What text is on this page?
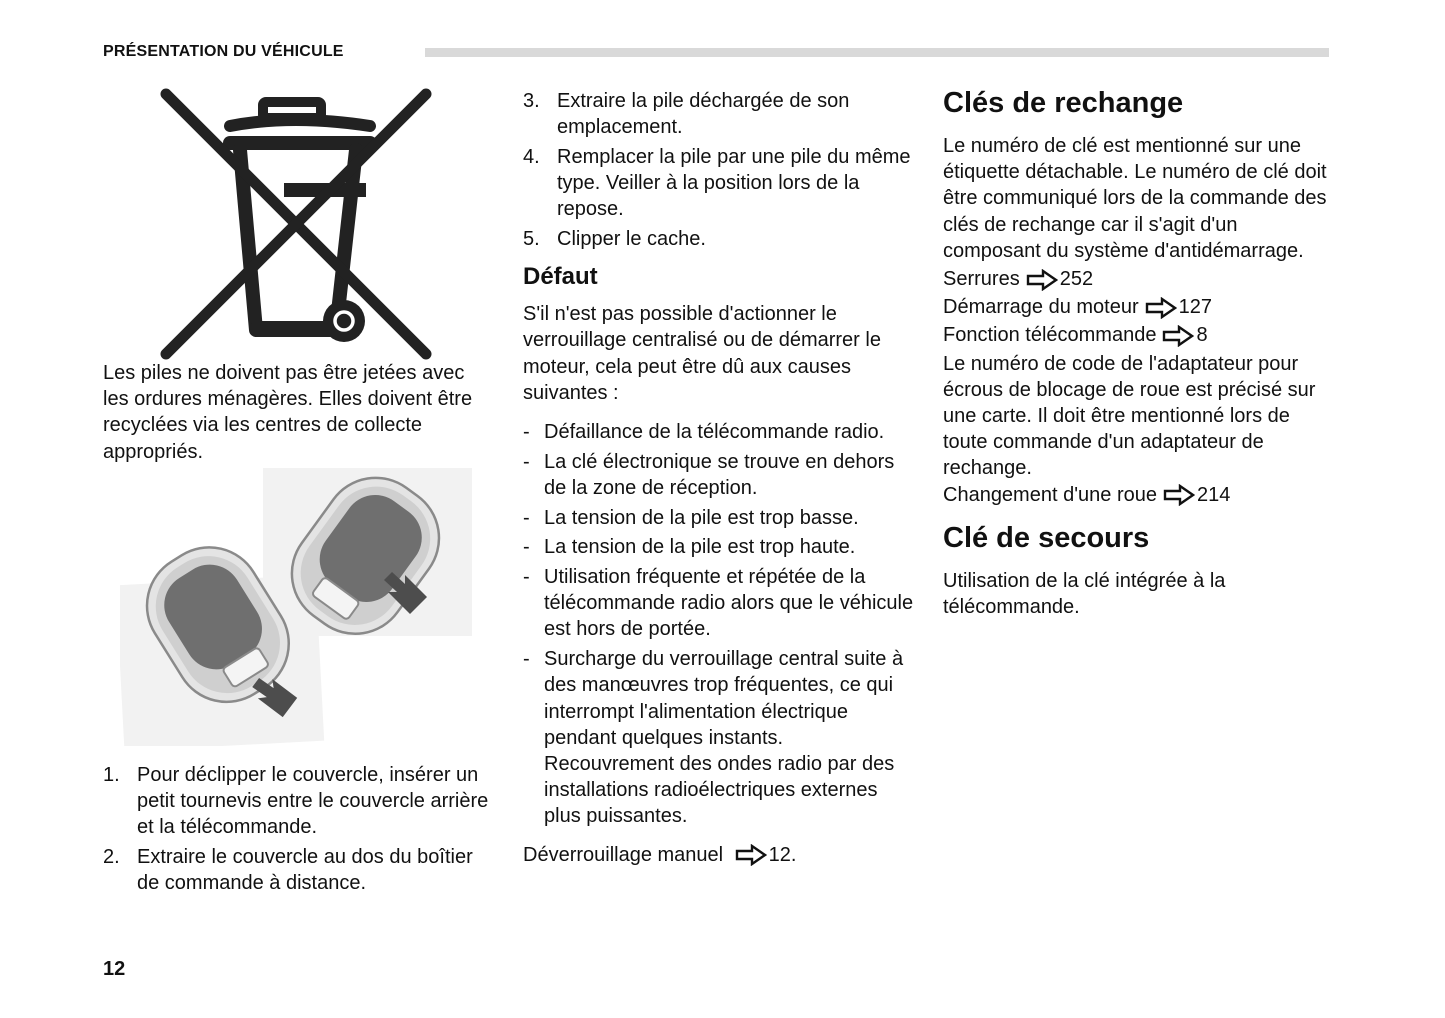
PRÉSENTATION DU VÉHICULE

Les piles ne doivent pas être jetées avec les ordures ménagères. Elles doivent être recyclées via les centres de collecte appropriés.

1. Pour déclipper le couvercle, insérer un petit tournevis entre le couvercle arrière et la télécommande.
2. Extraire le couvercle au dos du boîtier de commande à distance.
3. Extraire la pile déchargée de son emplacement.
4. Remplacer la pile par une pile du même type. Veiller à la position lors de la repose.
5. Clipper le cache.
Défaut

S'il n'est pas possible d'actionner le verrouillage centralisé ou de démarrer le moteur, cela peut être dû aux causes suivantes :

- Défaillance de la télécommande radio.
- La clé électronique se trouve en dehors de la zone de réception.
- La tension de la pile est trop basse.
- La tension de la pile est trop haute.
- Utilisation fréquente et répétée de la télécommande radio alors que le véhicule est hors de portée.
- Surcharge du verrouillage central suite à des manœuvres trop fréquentes, ce qui interrompt l'alimentation électrique pendant quelques instants. Recouvrement des ondes radio par des installations radioélectriques externes plus puissantes.

Déverrouillage manuel 12.

Clés de rechange

Le numéro de clé est mentionné sur une étiquette détachable. Le numéro de clé doit être communiqué lors de la commande des clés de rechange car il s'agit d'un composant du système d'antidémarrage.

Serrures 252

Démarrage du moteur 127

Fonction télécommande 8

Le numéro de code de l'adaptateur pour écrous de blocage de roue est précisé sur une carte. Il doit être mentionné lors de toute commande d'un adaptateur de rechange.

Changement d'une roue 214

Clé de secours

Utilisation de la clé intégrée à la télécommande.

12
